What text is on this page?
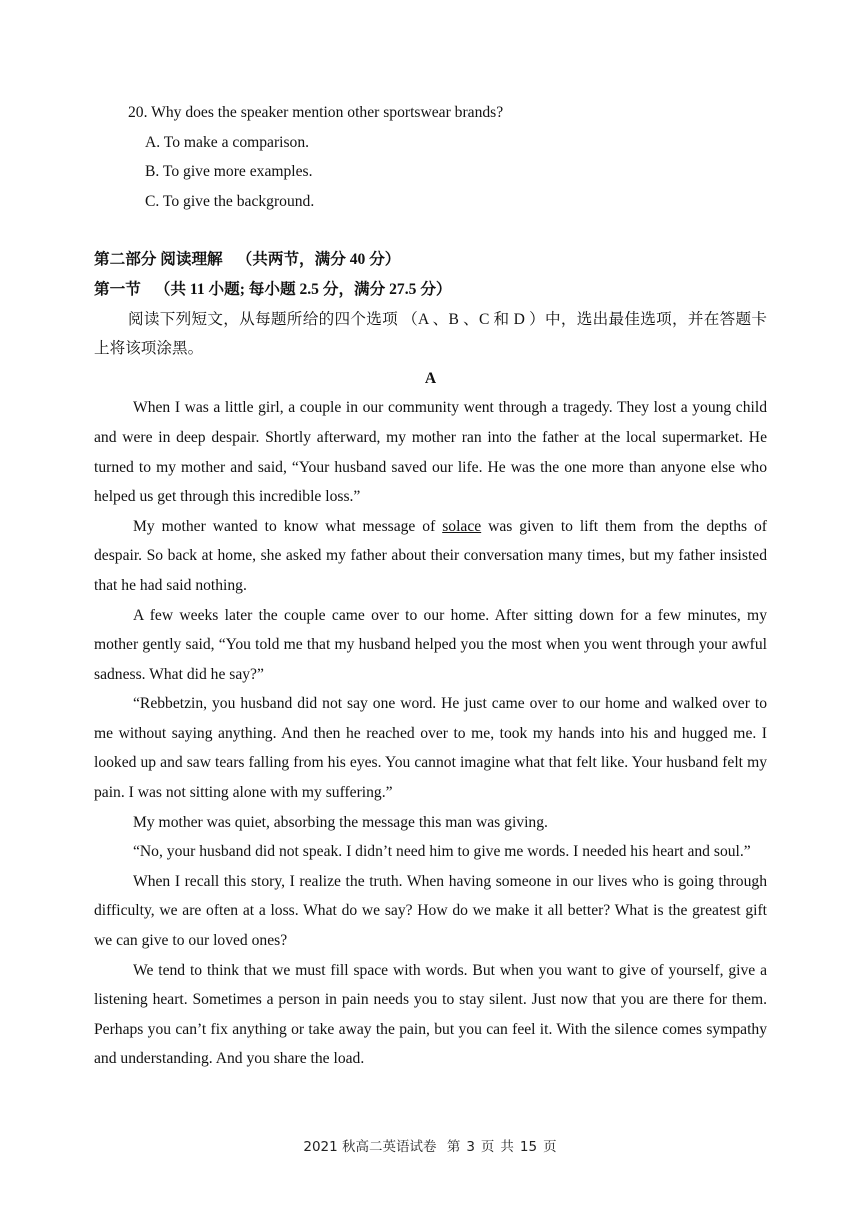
20. Why does the speaker mention other sportswear brands?

A. To make a comparison.

B. To give more examples.

C. To give the background.

第二部分 阅读理解 （共两节，满分 40 分）

第一节 （共 11 小题; 每小题 2.5 分，满分 27.5 分）

阅读下列短文，从每题所给的四个选项 （A 、B 、C 和 D ）中，选出最佳选项，并在答题卡上将该项涂黑。

A

When I was a little girl, a couple in our community went through a tragedy. They lost a young child and were in deep despair. Shortly afterward, my mother ran into the father at the local supermarket. He turned to my mother and said, “Your husband saved our life. He was the one more than anyone else who helped us get through this incredible loss.”

My mother wanted to know what message of solace was given to lift them from the depths of despair. So back at home, she asked my father about their conversation many times, but my father insisted that he had said nothing.

A few weeks later the couple came over to our home. After sitting down for a few minutes, my mother gently said, “You told me that my husband helped you the most when you went through your awful sadness. What did he say?”

“Rebbetzin, you husband did not say one word. He just came over to our home and walked over to me without saying anything. And then he reached over to me, took my hands into his and hugged me. I looked up and saw tears falling from his eyes. You cannot imagine what that felt like. Your husband felt my pain. I was not sitting alone with my suffering.”

My mother was quiet, absorbing the message this man was giving.

“No, your husband did not speak. I didn’t need him to give me words. I needed his heart and soul.”

When I recall this story, I realize the truth. When having someone in our lives who is going through difficulty, we are often at a loss. What do we say? How do we make it all better? What is the greatest gift we can give to our loved ones?

We tend to think that we must fill space with words. But when you want to give of yourself, give a listening heart. Sometimes a person in pain needs you to stay silent. Just now that you are there for them. Perhaps you can’t fix anything or take away the pain, but you can feel it. With the silence comes sympathy and understanding. And you share the load.

2021 秋高二英语试卷 第 3 页 共 15 页
